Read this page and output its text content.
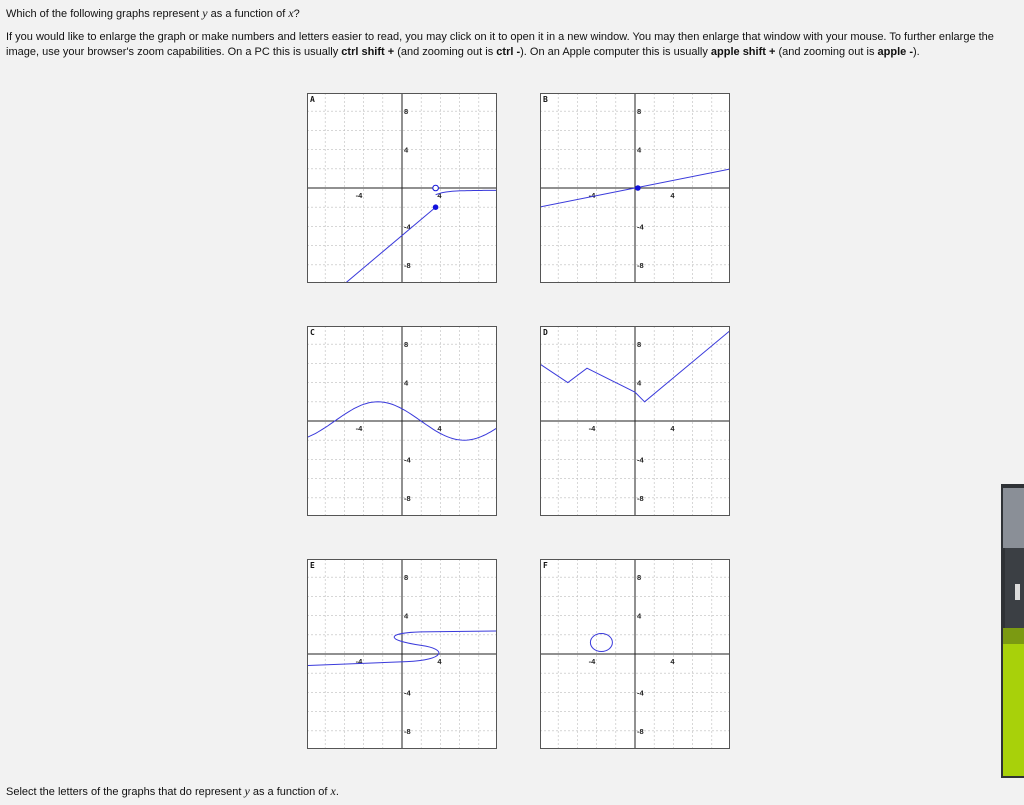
Which of the following graphs represent y as a function of x?
If you would like to enlarge the graph or make numbers and letters easier to read, you may click on it to open it in a new window. You may then enlarge that window with your mouse. To further enlarge the image, use your browser's zoom capabilities. On a PC this is usually ctrl shift + (and zooming out is ctrl -). On an Apple computer this is usually apple shift + (and zooming out is apple -).
-4	4
8
4
-4
-8
A
-4	4
8
4
-4
-8
B
-4	4
8
4
-4
-8
C
-4	4
8
4
-4
-8
D
-4	4
8
4
-4
-8
E
-4	4
8
4
-4
-8
F
Select the letters of the graphs that do represent y as a function of x.
